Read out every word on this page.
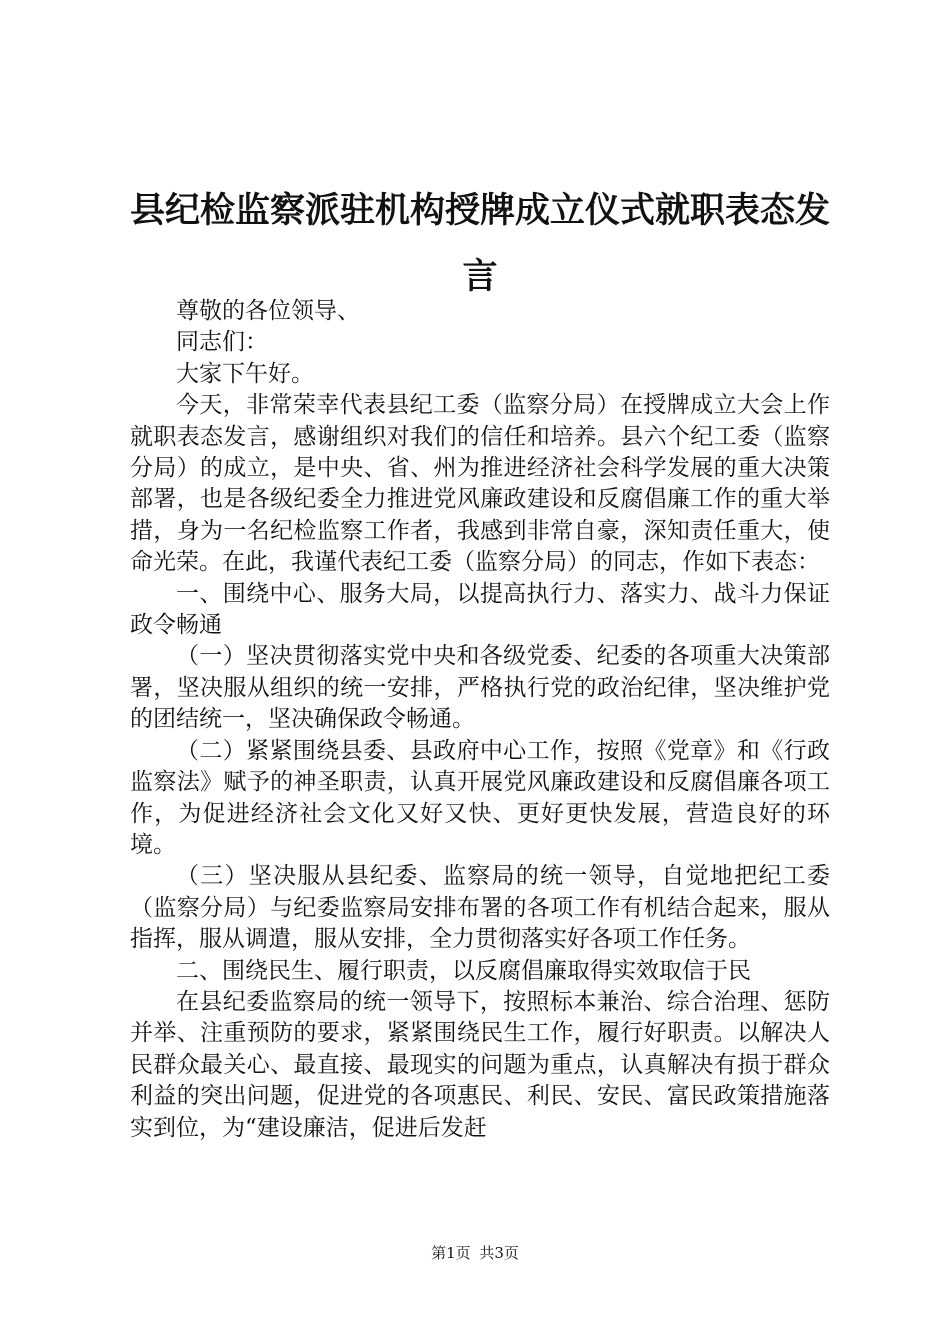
县纪检监察派驻机构授牌成立仪式就职表态发言

尊敬的各位领导、

同志们：

大家下午好。

今天，非常荣幸代表县纪工委（监察分局）在授牌成立大会上作就职表态发言，感谢组织对我们的信任和培养。县六个纪工委（监察分局）的成立，是中央、省、州为推进经济社会科学发展的重大决策部署，也是各级纪委全力推进党风廉政建设和反腐倡廉工作的重大举措，身为一名纪检监察工作者，我感到非常自豪，深知责任重大，使命光荣。在此，我谨代表纪工委（监察分局）的同志，作如下表态：

一、围绕中心、服务大局，以提高执行力、落实力、战斗力保证政令畅通

（一）坚决贯彻落实党中央和各级党委、纪委的各项重大决策部署，坚决服从组织的统一安排，严格执行党的政治纪律，坚决维护党的团结统一，坚决确保政令畅通。

（二）紧紧围绕县委、县政府中心工作，按照《党章》和《行政监察法》赋予的神圣职责，认真开展党风廉政建设和反腐倡廉各项工作，为促进经济社会文化又好又快、更好更快发展，营造良好的环境。

（三）坚决服从县纪委、监察局的统一领导，自觉地把纪工委（监察分局）与纪委监察局安排布署的各项工作有机结合起来，服从指挥，服从调遣，服从安排，全力贯彻落实好各项工作任务。

二、围绕民生、履行职责，以反腐倡廉取得实效取信于民

在县纪委监察局的统一领导下，按照标本兼治、综合治理、惩防并举、注重预防的要求，紧紧围绕民生工作，履行好职责。以解决人民群众最关心、最直接、最现实的问题为重点，认真解决有损于群众利益的突出问题，促进党的各项惠民、利民、安民、富民政策措施落实到位，为“建设廉洁，促进后发赶

第1页 共3页
